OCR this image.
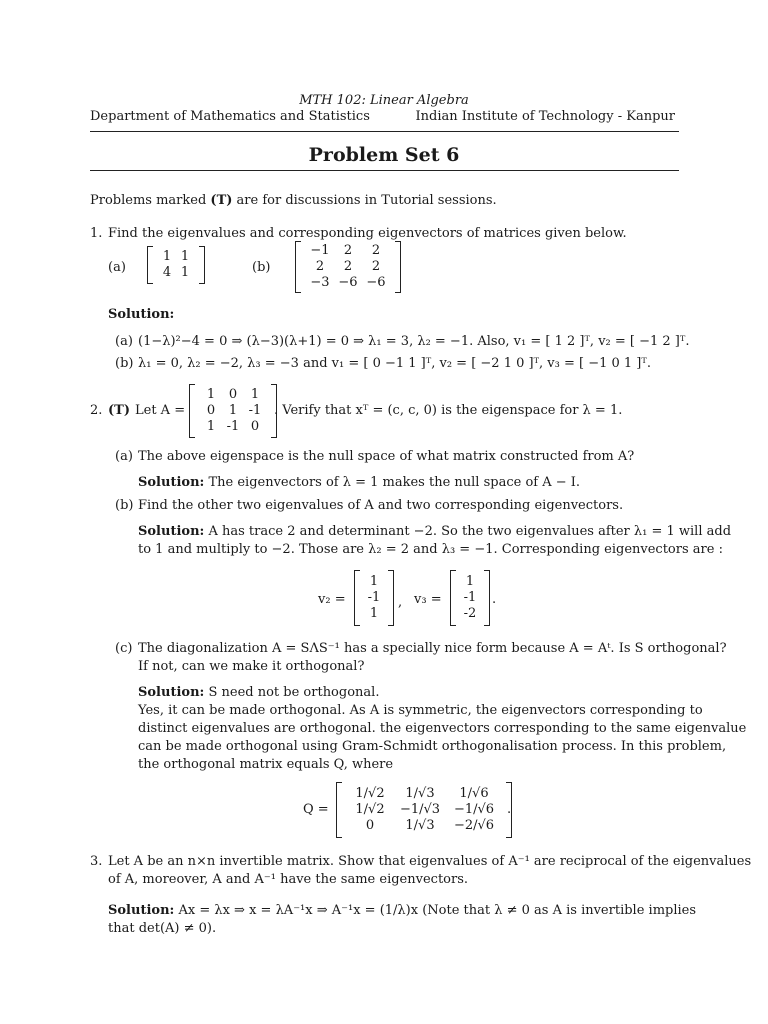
MTH 102: Linear Algebra
Department of Mathematics and Statistics	Indian Institute of Technology - Kanpur
Problem Set 6
Problems marked (T) are for discussions in Tutorial sessions.
1. Find the eigenvalues and corresponding eigenvectors of matrices given below.
(a)
1 1
4 1	(b)
−1	2	2
2	2	2
−3 −6 −6
Solution:
(a) (1−λ)²−4 = 0 ⇒ (λ−3)(λ+1) = 0 ⇒ λ₁ = 3, λ₂ = −1. Also, v₁ = [ 1 2 ]ᵀ, v₂ = [ −1 2 ]ᵀ.
(b) λ₁ = 0, λ₂ = −2, λ₃ = −3 and v₁ = [ 0 −1 1 ]ᵀ, v₂ = [ −2 1 0 ]ᵀ, v₃ = [ −1 0 1 ]ᵀ.
2. (T) Let A =
1	0	1
0	1 -1
1 -1 0
. Verify that xᵀ = (c, c, 0) is the eigenspace for λ = 1.
(a) The above eigenspace is the null space of what matrix constructed from A?
Solution: The eigenvectors of λ = 1 makes the null space of A − I.
(b) Find the other two eigenvalues of A and two corresponding eigenvectors.
Solution: A has trace 2 and determinant −2. So the two eigenvalues after λ₁ = 1 will add
to 1 and multiply to −2. Those are λ₂ = 2 and λ₃ = −1. Corresponding eigenvectors are :
v₂ =
1
-1
1
, v₃ =
1
-1
-2
.
(c) The diagonalization A = SΛS⁻¹ has a specially nice form because A = Aᵗ. Is S orthogonal?
If not, can we make it orthogonal?
Solution: S need not be orthogonal.
Yes, it can be made orthogonal. As A is symmetric, the eigenvectors corresponding to
distinct eigenvalues are orthogonal. the eigenvectors corresponding to the same eigenvalue
can be made orthogonal using Gram-Schmidt orthogonalisation process. In this problem,
the orthogonal matrix equals Q, where
Q =
1/√2	1/√3	1/√6
1/√2	−1/√3	−1/√6
0	1/√3	−2/√6
.
3. Let A be an n×n invertible matrix. Show that eigenvalues of A⁻¹ are reciprocal of the eigenvalues
of A, moreover, A and A⁻¹ have the same eigenvectors.
Solution: Ax = λx ⇒ x = λA⁻¹x ⇒ A⁻¹x = (1/λ)x (Note that λ ≠ 0 as A is invertible implies
that det(A) ≠ 0).
